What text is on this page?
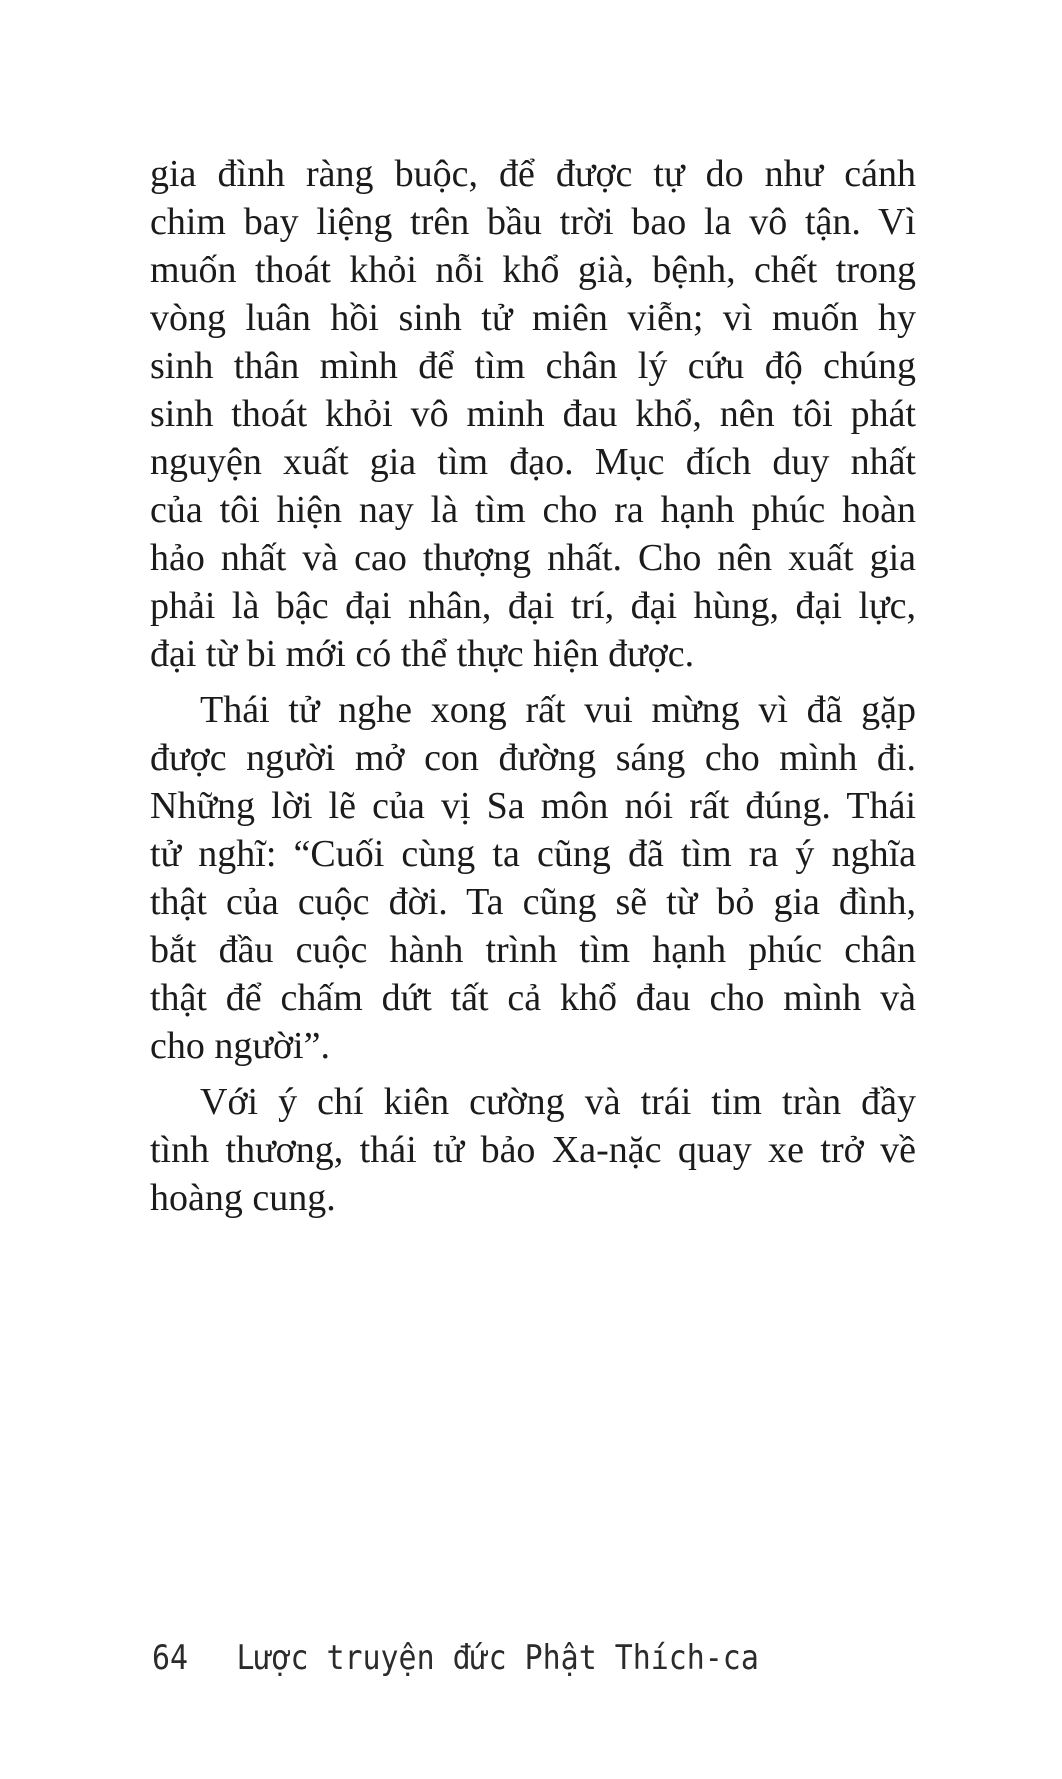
gia đình ràng buộc, để được tự do như cánh
chim bay liệng trên bầu trời bao la vô tận. Vì
muốn thoát khỏi nỗi khổ già, bệnh, chết trong
vòng luân hồi sinh tử miên viễn; vì muốn hy
sinh thân mình để tìm chân lý cứu độ chúng
sinh thoát khỏi vô minh đau khổ, nên tôi phát
nguyện xuất gia tìm đạo. Mục đích duy nhất
của tôi hiện nay là tìm cho ra hạnh phúc hoàn
hảo nhất và cao thượng nhất. Cho nên xuất gia
phải là bậc đại nhân, đại trí, đại hùng, đại lực,
đại từ bi mới có thể thực hiện được.
Thái tử nghe xong rất vui mừng vì đã gặp
được người mở con đường sáng cho mình đi.
Những lời lẽ của vị Sa môn nói rất đúng. Thái
tử nghĩ: “Cuối cùng ta cũng đã tìm ra ý nghĩa
thật của cuộc đời. Ta cũng sẽ từ bỏ gia đình,
bắt đầu cuộc hành trình tìm hạnh phúc chân
thật để chấm dứt tất cả khổ đau cho mình và
cho người”.
Với ý chí kiên cường và trái tim tràn đầy
tình thương, thái tử bảo Xa-nặc quay xe trở về
hoàng cung.
64 Lược truyện đức Phật Thích-ca
